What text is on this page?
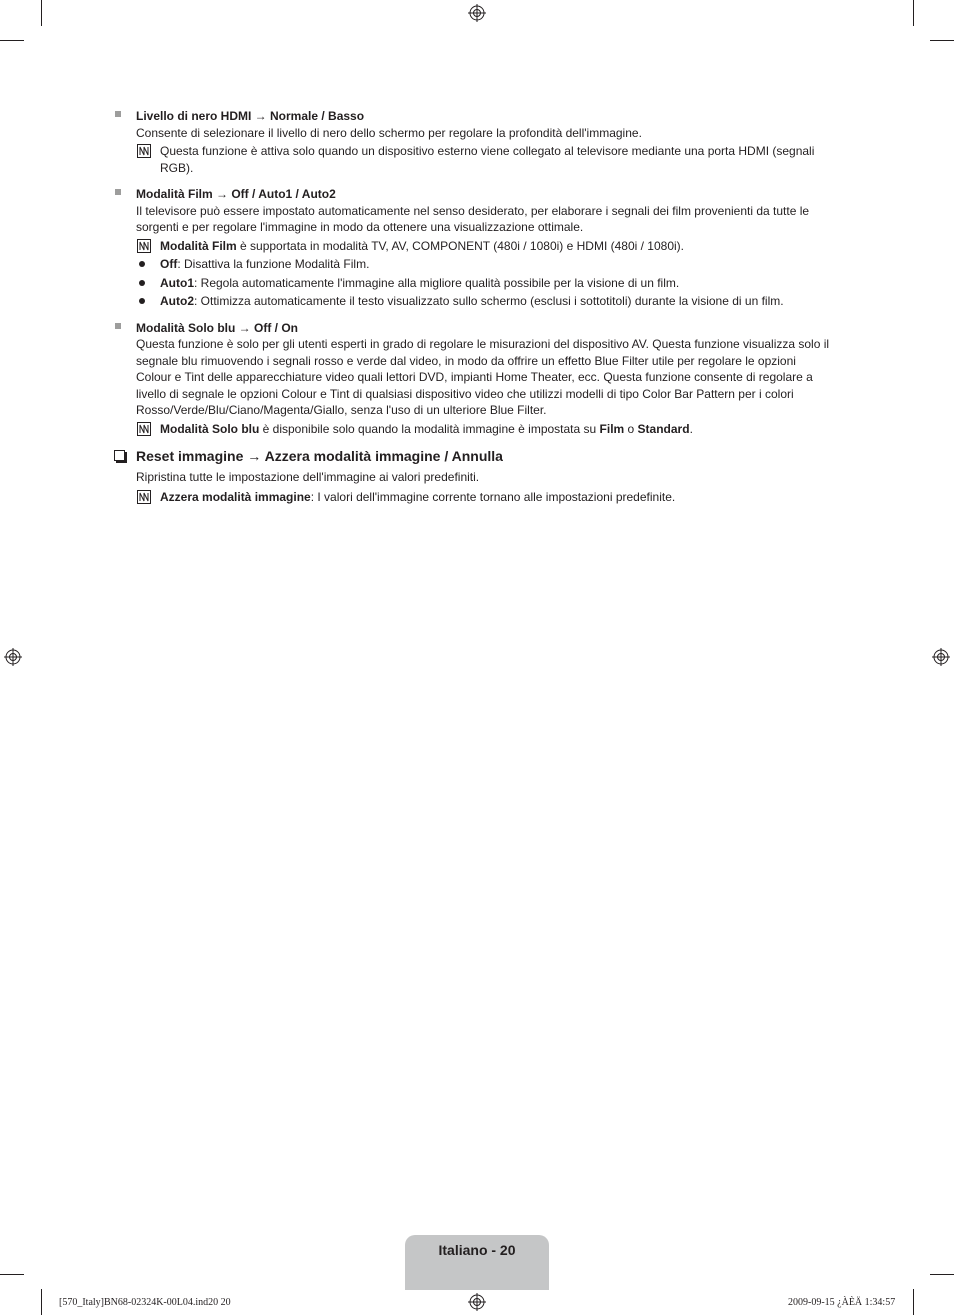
Livello di nero HDMI → Normale / Basso

Consente di selezionare il livello di nero dello schermo per regolare la profondità dell'immagine.

Questa funzione è attiva solo quando un dispositivo esterno viene collegato al televisore mediante una porta HDMI (segnali RGB).

Modalità Film → Off / Auto1 / Auto2

Il televisore può essere impostato automaticamente nel senso desiderato, per elaborare i segnali dei film provenienti da tutte le sorgenti e per regolare l'immagine in modo da ottenere una visualizzazione ottimale.

Modalità Film è supportata in modalità TV, AV, COMPONENT (480i / 1080i) e HDMI (480i / 1080i).

Off: Disattiva la funzione Modalità Film.

Auto1: Regola automaticamente l'immagine alla migliore qualità possibile per la visione di un film.

Auto2: Ottimizza automaticamente il testo visualizzato sullo schermo (esclusi i sottotitoli) durante la visione di un film.

Modalità Solo blu → Off / On

Questa funzione è solo per gli utenti esperti in grado di regolare le misurazioni del dispositivo AV. Questa funzione visualizza solo il segnale blu rimuovendo i segnali rosso e verde dal video, in modo da offrire un effetto Blue Filter utile per regolare le opzioni Colour e Tint delle apparecchiature video quali lettori DVD, impianti Home Theater, ecc. Questa funzione consente di regolare a livello di segnale le opzioni Colour e Tint di qualsiasi dispositivo video che utilizzi modelli di tipo Color Bar Pattern per i colori Rosso/Verde/Blu/Ciano/Magenta/Giallo, senza l'uso di un ulteriore Blue Filter.

Modalità Solo blu è disponibile solo quando la modalità immagine è impostata su Film o Standard.

Reset immagine → Azzera modalità immagine / Annulla

Ripristina tutte le impostazione dell'immagine ai valori predefiniti.

Azzera modalità immagine: I valori dell'immagine corrente tornano alle impostazioni predefinite.

Italiano - 20
[570_Italy]BN68-02324K-00L04.ind20 20	2009-09-15 ¿ÀÈÄ 1:34:57
